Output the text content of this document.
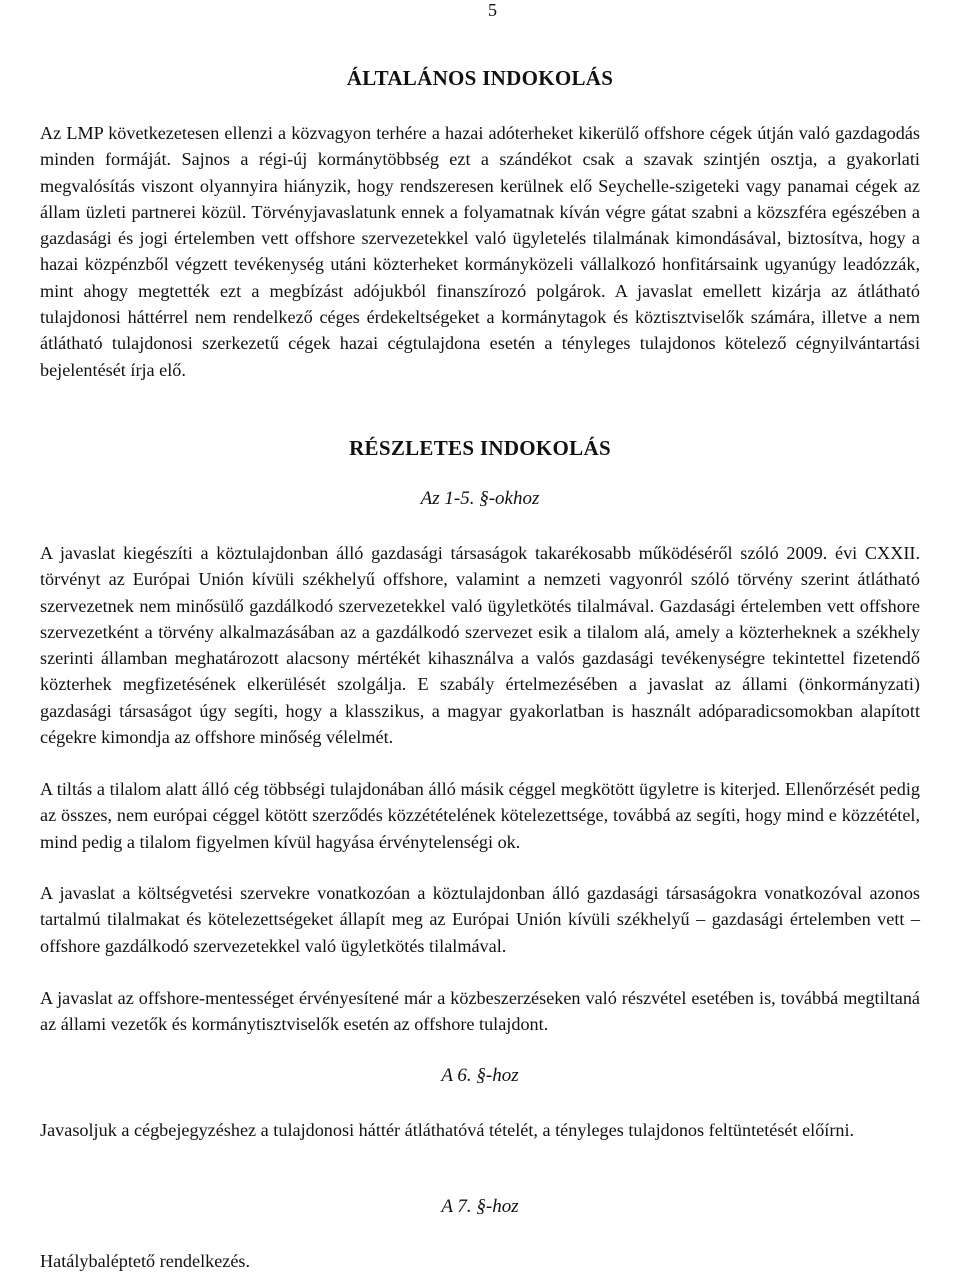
5
ÁLTALÁNOS INDOKOLÁS

Az LMP következetesen ellenzi a közvagyon terhére a hazai adóterheket kikerülő offshore cégek útján való gazdagodás minden formáját. Sajnos a régi-új kormánytöbbség ezt a szándékot csak a szavak szintjén osztja, a gyakorlati megvalósítás viszont olyannyira hiányzik, hogy rendszeresen kerülnek elő Seychelle-szigeteki vagy panamai cégek az állam üzleti partnerei közül. Törvényjavaslatunk ennek a folyamatnak kíván végre gátat szabni a közszféra egészében a gazdasági és jogi értelemben vett offshore szervezetekkel való ügyletelés tilalmának kimondásával, biztosítva, hogy a hazai közpénzből végzett tevékenység utáni közterheket kormányközeli vállalkozó honfitársaink ugyanúgy leadózzák, mint ahogy megtették ezt a megbízást adójukból finanszírozó polgárok. A javaslat emellett kizárja az átlátható tulajdonosi háttérrel nem rendelkező céges érdekeltségeket a kormánytagok és köztisztviselők számára, illetve a nem átlátható tulajdonosi szerkezetű cégek hazai cégtulajdona esetén a tényleges tulajdonos kötelező cégnyilvántartási bejelentését írja elő.

RÉSZLETES INDOKOLÁS
Az 1-5. §-okhoz

A javaslat kiegészíti a köztulajdonban álló gazdasági társaságok takarékosabb működéséről szóló 2009. évi CXXII. törvényt az Európai Unión kívüli székhelyű offshore, valamint a nemzeti vagyonról szóló törvény szerint átlátható szervezetnek nem minősülő gazdálkodó szervezetekkel való ügyletkötés tilalmával. Gazdasági értelemben vett offshore szervezetként a törvény alkalmazásában az a gazdálkodó szervezet esik a tilalom alá, amely a közterheknek a székhely szerinti államban meghatározott alacsony mértékét kihasználva a valós gazdasági tevékenységre tekintettel fizetendő közterhek megfizetésének elkerülését szolgálja. E szabály értelmezésében a javaslat az állami (önkormányzati) gazdasági társaságot úgy segíti, hogy a klasszikus, a magyar gyakorlatban is használt adóparadicsomokban alapított cégekre kimondja az offshore minőség vélelmét.

A tiltás a tilalom alatt álló cég többségi tulajdonában álló másik céggel megkötött ügyletre is kiterjed. Ellenőrzését pedig az összes, nem európai céggel kötött szerződés közzétételének kötelezettsége, továbbá az segíti, hogy mind e közzététel, mind pedig a tilalom figyelmen kívül hagyása érvénytelenségi ok.

A javaslat a költségvetési szervekre vonatkozóan a köztulajdonban álló gazdasági társaságokra vonatkozóval azonos tartalmú tilalmakat és kötelezettségeket állapít meg az Európai Unión kívüli székhelyű – gazdasági értelemben vett – offshore gazdálkodó szervezetekkel való ügyletkötés tilalmával.

A javaslat az offshore-mentességet érvényesítené már a közbeszerzéseken való részvétel esetében is, továbbá megtiltaná az állami vezetők és kormánytisztviselők esetén az offshore tulajdont.

A 6. §-hoz

Javasoljuk a cégbejegyzéshez a tulajdonosi háttér átláthatóvá tételét, a tényleges tulajdonos feltüntetését előírni.

A 7. §-hoz

Hatálybaléptető rendelkezés.
